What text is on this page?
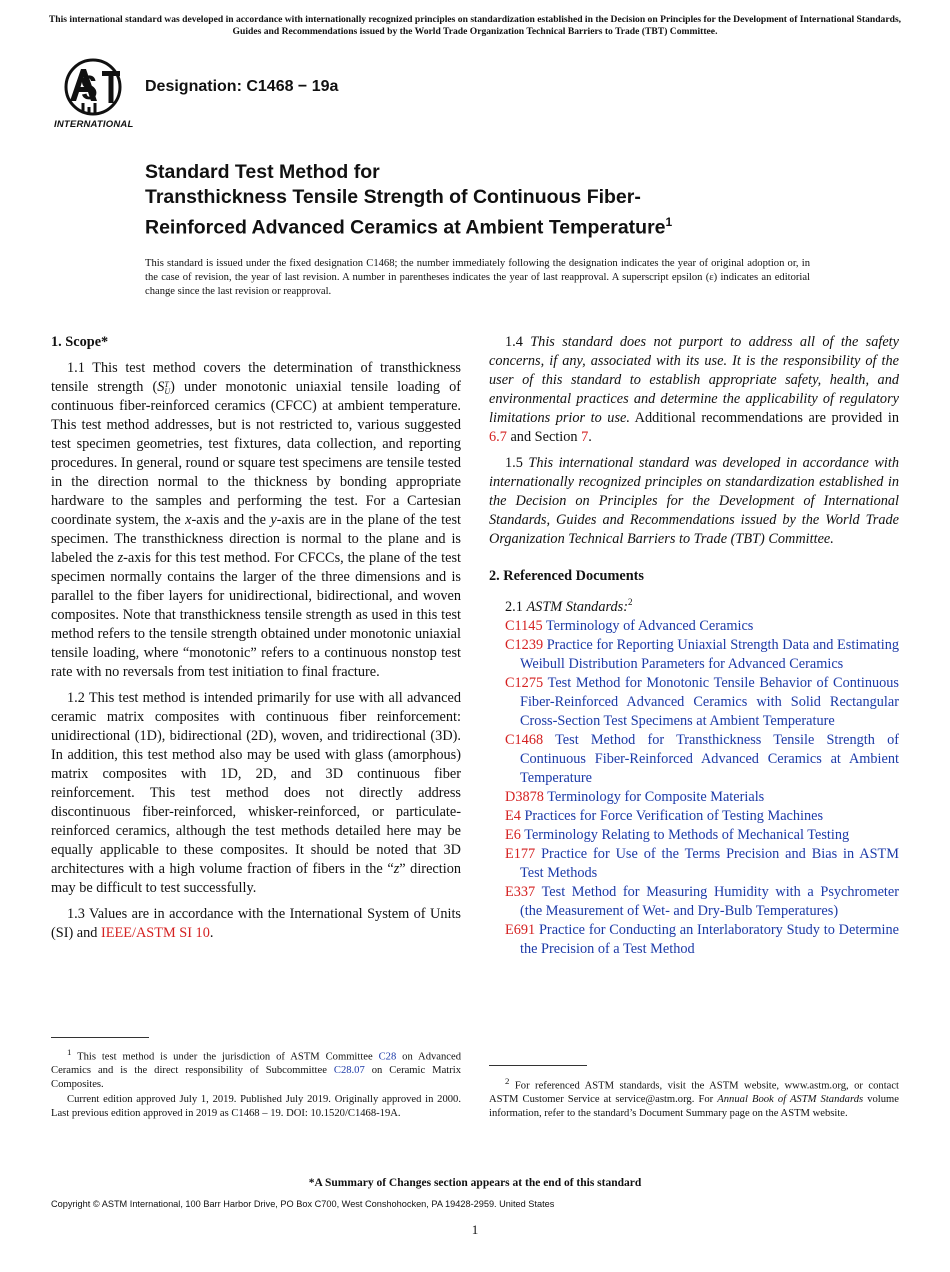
This international standard was developed in accordance with internationally recognized principles on standardization established in the Decision on Principles for the Development of International Standards, Guides and Recommendations issued by the World Trade Organization Technical Barriers to Trade (TBT) Committee.
INTERNATIONAL
Designation: C1468 − 19a
Standard Test Method for
Transthickness Tensile Strength of Continuous Fiber-
Reinforced Advanced Ceramics at Ambient Temperature$^1$
This standard is issued under the fixed designation C1468; the number immediately following the designation indicates the year of original adoption or, in the case of revision, the year of last revision. A number in parentheses indicates the year of last reapproval. A superscript epsilon (ε) indicates an editorial change since the last revision or reapproval.
1. Scope*

1.1 This test method covers the determination of transthickness tensile strength (ST
U) under monotonic uniaxial tensile loading of continuous fiber-reinforced ceramics (CFCC) at ambient temperature. This test method addresses, but is not restricted to, various suggested test specimen geometries, test fixtures, data collection, and reporting procedures. In general, round or square test specimens are tensile tested in the direction normal to the thickness by bonding appropriate hardware to the samples and performing the test. For a Cartesian coordinate system, the x-axis and the y-axis are in the plane of the test specimen. The transthickness direction is normal to the plane and is labeled the z-axis for this test method. For CFCCs, the plane of the test specimen normally contains the larger of the three dimensions and is parallel to the fiber layers for unidirectional, bidirectional, and woven composites. Note that transthickness tensile strength as used in this test method refers to the tensile strength obtained under monotonic uniaxial tensile loading, where “monotonic” refers to a continuous nonstop test rate with no reversals from test initiation to final fracture.

1.2 This test method is intended primarily for use with all advanced ceramic matrix composites with continuous fiber reinforcement: unidirectional (1D), bidirectional (2D), woven, and tridirectional (3D). In addition, this test method also may be used with glass (amorphous) matrix composites with 1D, 2D, and 3D continuous fiber reinforcement. This test method does not directly address discontinuous fiber-reinforced, whisker-reinforced, or particulate-reinforced ceramics, although the test methods detailed here may be equally applicable to these composites. It should be noted that 3D architectures with a high volume fraction of fibers in the “z” direction may be difficult to test successfully.

1.3 Values are in accordance with the International System of Units (SI) and IEEE/ASTM SI 10.

$^1$ This test method is under the jurisdiction of ASTM Committee C28 on Advanced Ceramics and is the direct responsibility of Subcommittee C28.07 on Ceramic Matrix Composites.

Current edition approved July 1, 2019. Published July 2019. Originally approved in 2000. Last previous edition approved in 2019 as C1468 – 19. DOI: 10.1520/C1468-19A.

1.4 This standard does not purport to address all of the safety concerns, if any, associated with its use. It is the responsibility of the user of this standard to establish appropriate safety, health, and environmental practices and determine the applicability of regulatory limitations prior to use. Additional recommendations are provided in 6.7 and Section 7.

1.5 This international standard was developed in accordance with internationally recognized principles on standardization established in the Decision on Principles for the Development of International Standards, Guides and Recommendations issued by the World Trade Organization Technical Barriers to Trade (TBT) Committee.

2. Referenced Documents

2.1 ASTM Standards:$^2$

C1145 Terminology of Advanced Ceramics
C1239 Practice for Reporting Uniaxial Strength Data and Estimating Weibull Distribution Parameters for Advanced Ceramics
C1275 Test Method for Monotonic Tensile Behavior of Continuous Fiber-Reinforced Advanced Ceramics with Solid Rectangular Cross-Section Test Specimens at Ambient Temperature
C1468 Test Method for Transthickness Tensile Strength of Continuous Fiber-Reinforced Advanced Ceramics at Ambient Temperature
D3878 Terminology for Composite Materials
E4 Practices for Force Verification of Testing Machines
E6 Terminology Relating to Methods of Mechanical Testing
E177 Practice for Use of the Terms Precision and Bias in ASTM Test Methods
E337 Test Method for Measuring Humidity with a Psychrometer (the Measurement of Wet- and Dry-Bulb Temperatures)
E691 Practice for Conducting an Interlaboratory Study to Determine the Precision of a Test Method

$^2$ For referenced ASTM standards, visit the ASTM website, www.astm.org, or contact ASTM Customer Service at service@astm.org. For Annual Book of ASTM Standards volume information, refer to the standard’s Document Summary page on the ASTM website.

*A Summary of Changes section appears at the end of this standard
Copyright © ASTM International, 100 Barr Harbor Drive, PO Box C700, West Conshohocken, PA 19428-2959. United States
1
